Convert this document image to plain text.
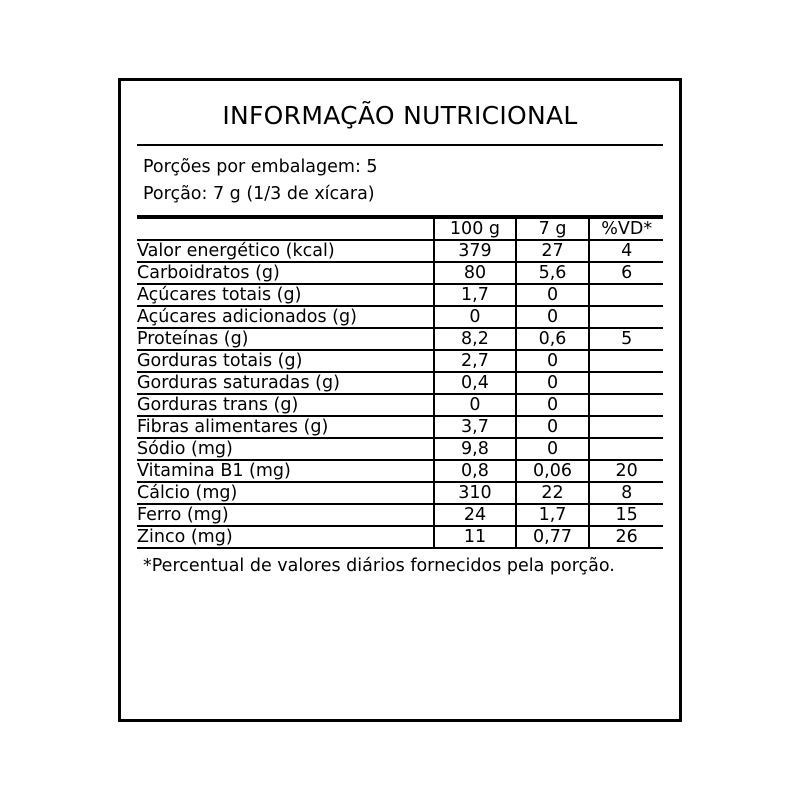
INFORMAÇÃO NUTRICIONAL
Porções por embalagem: 5
Porção: 7 g (1/3 de xícara)
	100 g	7 g	%VD*
Valor energético (kcal)	379	27	4
Carboidratos (g)	80	5,6	6
Açúcares totais (g)	1,7	0	
Açúcares adicionados (g)	0	0	
Proteínas (g)	8,2	0,6	5
Gorduras totais (g)	2,7	0	
Gorduras saturadas (g)	0,4	0	
Gorduras trans (g)	0	0	
Fibras alimentares (g)	3,7	0	
Sódio (mg)	9,8	0	
Vitamina B1 (mg)	0,8	0,06	20
Cálcio (mg)	310	22	8
Ferro (mg)	24	1,7	15
Zinco (mg)	11	0,77	26
*Percentual de valores diários fornecidos pela porção.
